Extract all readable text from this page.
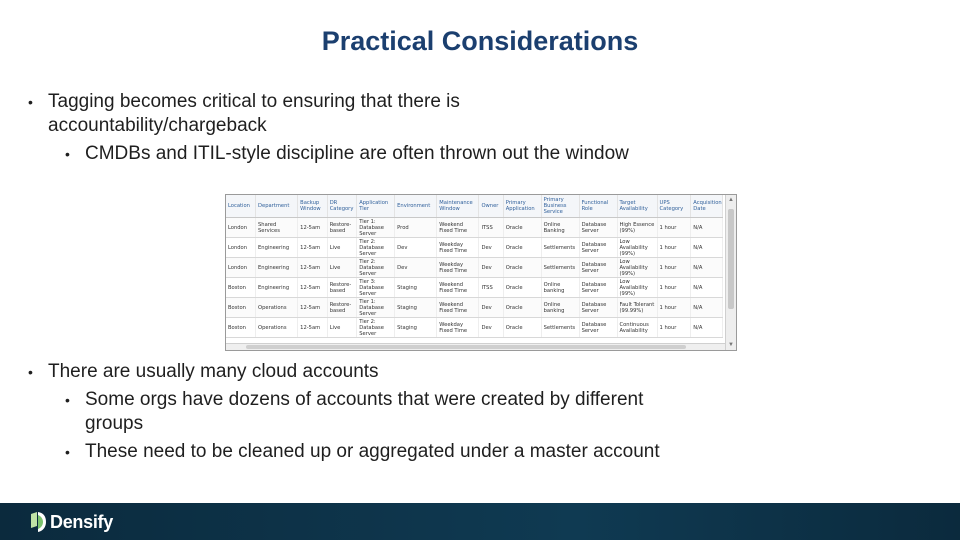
Practical Considerations
• Tagging becomes critical to ensuring that there is accountability/chargeback
• CMDBs and ITIL-style discipline are often thrown out the window
Location	Department	Backup Window	DR Category	Application Tier	Environment	Maintenance Window	Owner	Primary Application	Primary Business Service	Functional Role	Target Availability	UPS Category	Acquisition Date
London	Shared Services	12-5am	Restore-based	Tier 1: Database Server	Prod	Weekend Fixed Time	ITSS	Oracle	Online Banking	Database Server	High Essence (99%)	1 hour	N/A
London	Engineering	12-5am	Live	Tier 2: Database Server	Dev	Weekday Fixed Time	Dev	Oracle	Settlements	Database Server	Low Availability (99%)	1 hour	N/A
London	Engineering	12-5am	Live	Tier 2: Database Server	Dev	Weekday Fixed Time	Dev	Oracle	Settlements	Database Server	Low Availability (99%)	1 hour	N/A
Boston	Engineering	12-5am	Restore-based	Tier 3: Database Server	Staging	Weekend Fixed Time	ITSS	Oracle	Online banking	Database Server	Low Availability (99%)	1 hour	N/A
Boston	Operations	12-5am	Restore-based	Tier 1: Database Server	Staging	Weekend Fixed Time	Dev	Oracle	Online banking	Database Server	Fault Tolerant (99.99%)	1 hour	N/A
Boston	Operations	12-5am	Live	Tier 2: Database Server	Staging	Weekday Fixed Time	Dev	Oracle	Settlements	Database Server	Continuous Availability	1 hour	N/A
▲
▼
• There are usually many cloud accounts
• Some orgs have dozens of accounts that were created by different groups
• These need to be cleaned up or aggregated under a master account
Densify
